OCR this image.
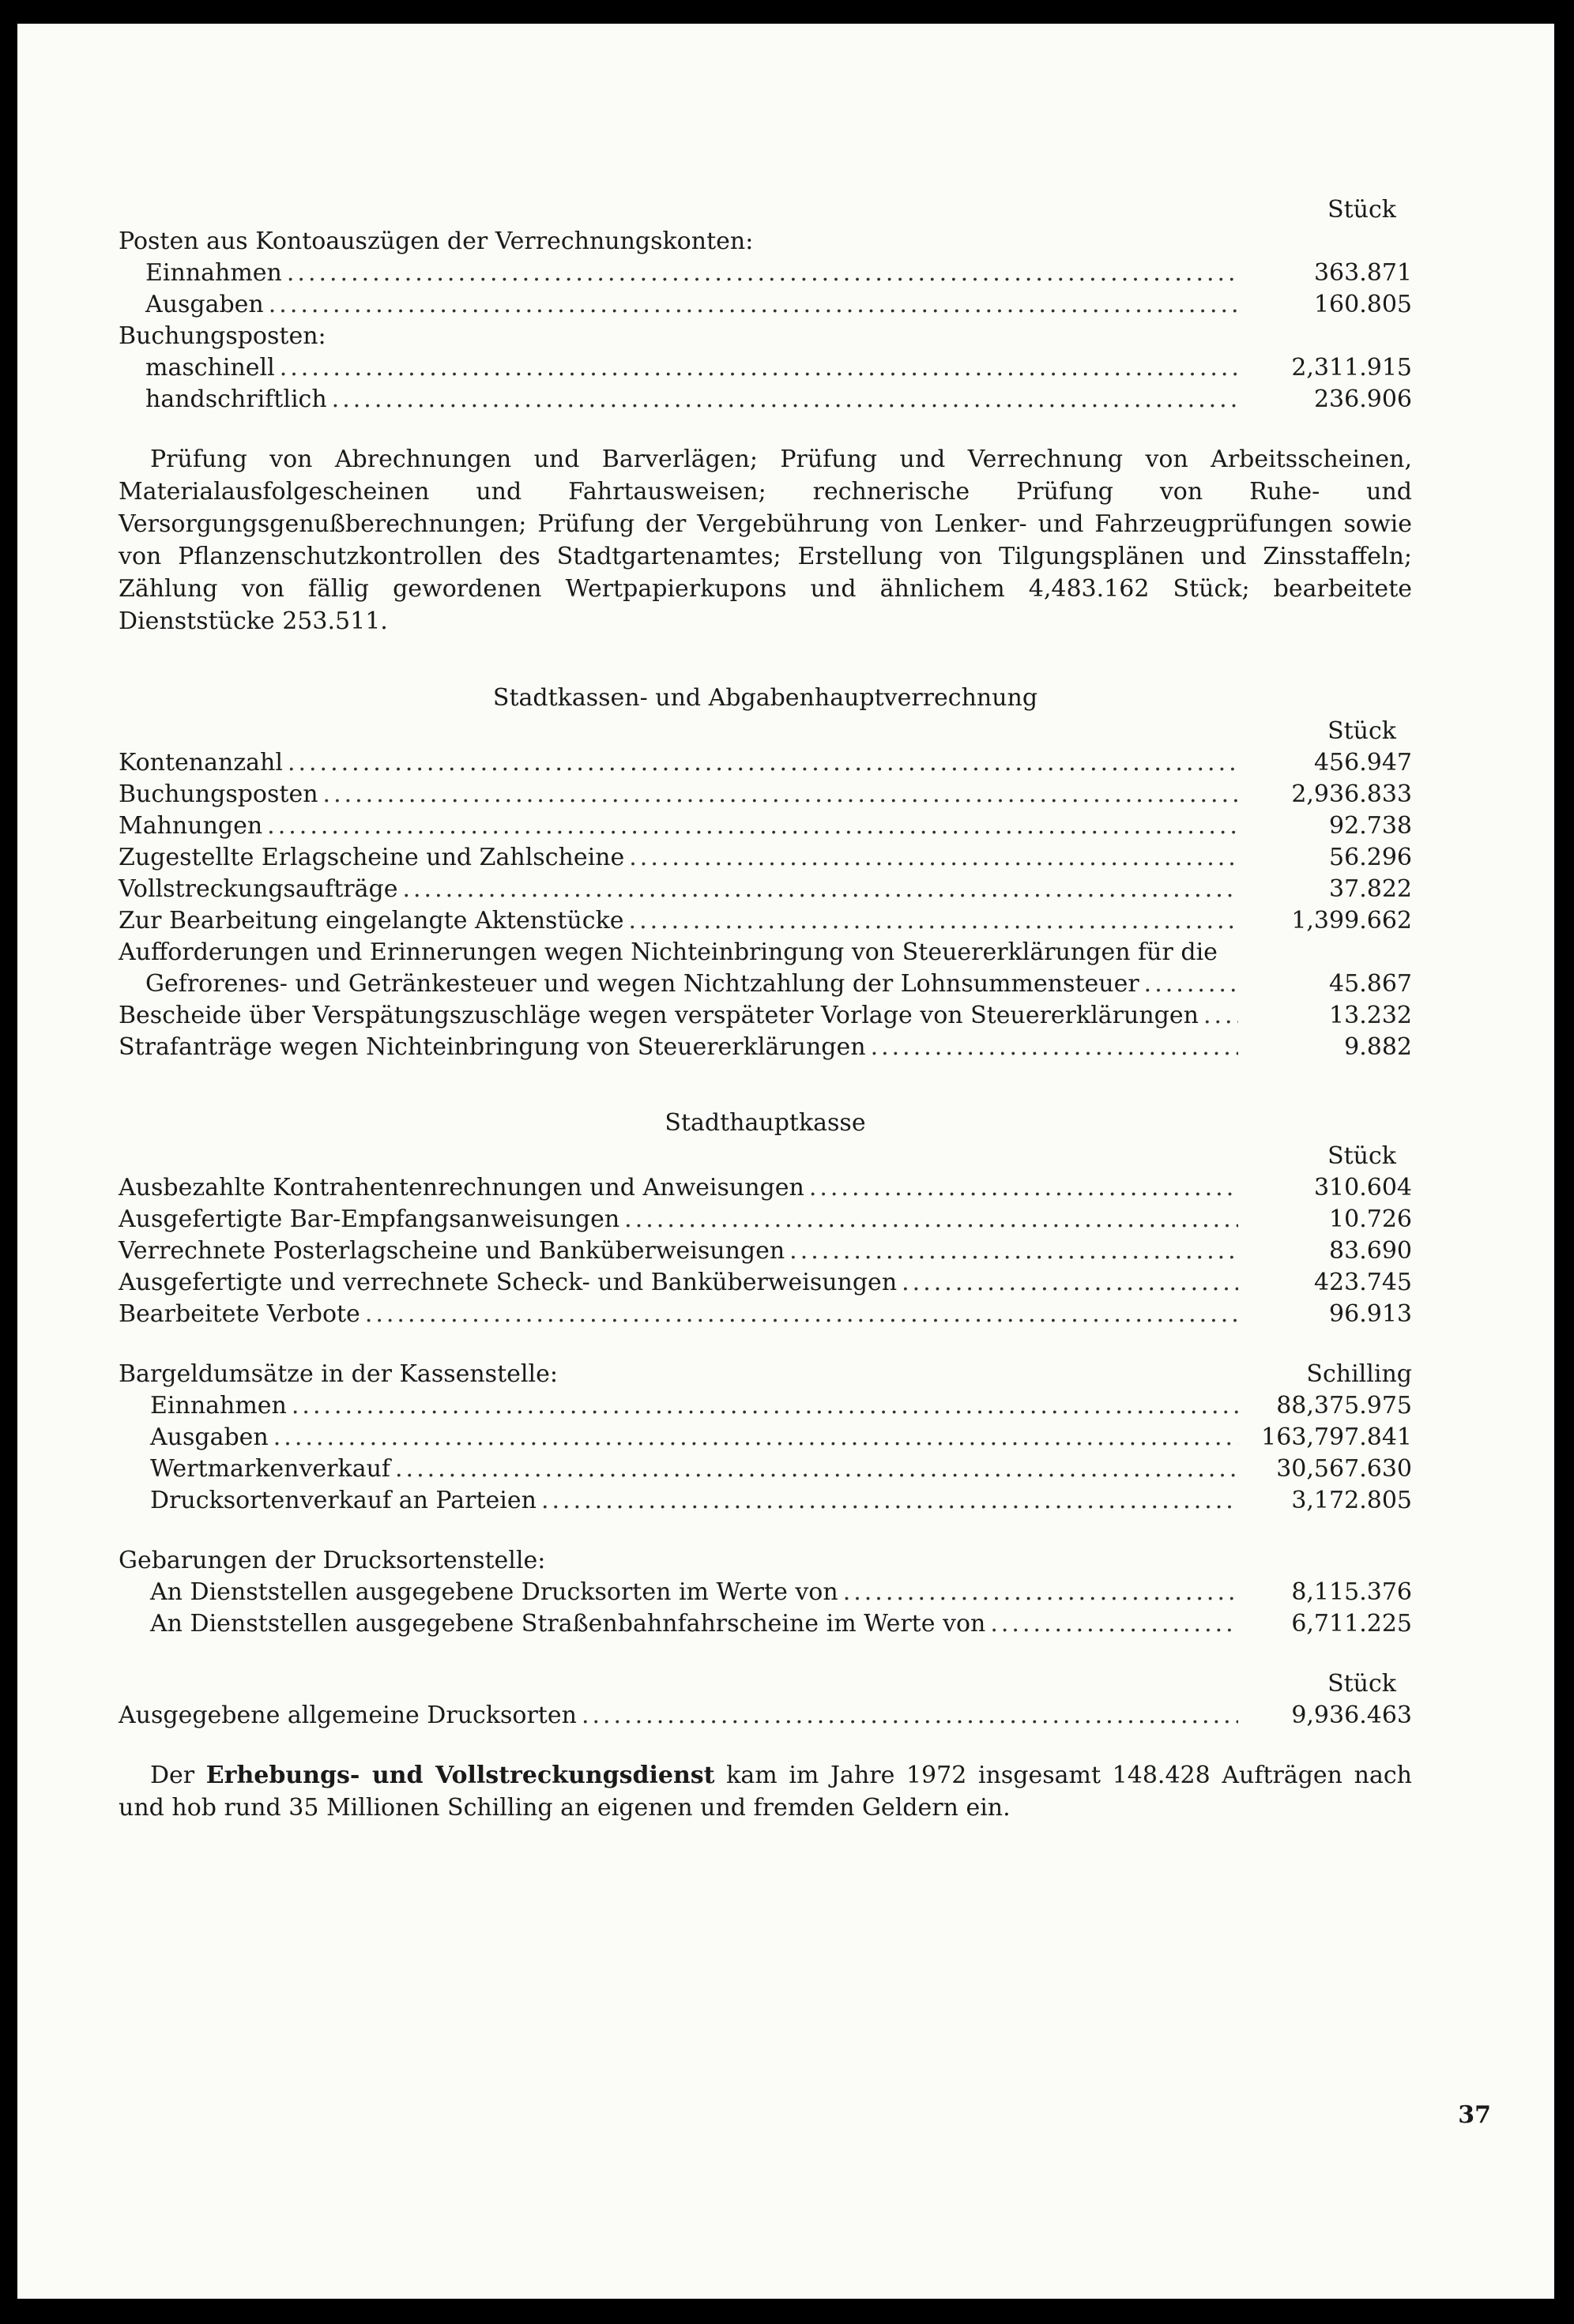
Stück
Posten aus Kontoauszügen der Verrechnungskonten:
Einnahmen .....	363.871
Ausgaben .....	160.805
Buchungsposten:
maschinell .....	2,311.915
handschriftlich .....	236.906
Prüfung von Abrechnungen und Barverlägen; Prüfung und Verrechnung von Arbeitsscheinen, Materialausfolgescheinen und Fahrtausweisen; rechnerische Prüfung von Ruhe- und Versorgungsgenußberechnungen; Prüfung der Vergebührung von Lenker- und Fahrzeugprüfungen sowie von Pflanzenschutzkontrollen des Stadtgartenamtes; Erstellung von Tilgungsplänen und Zinsstaffeln; Zählung von fällig gewordenen Wertpapierkupons und ähnlichem 4,483.162 Stück; bearbeitete Dienststücke 253.511.
Stadtkassen- und Abgabenhauptverrechnung
Stück
Kontenanzahl .....	456.947
Buchungsposten .....	2,936.833
Mahnungen .....	92.738
Zugestellte Erlagscheine und Zahlscheine .....	56.296
Vollstreckungsaufträge .....	37.822
Zur Bearbeitung eingelangte Aktenstücke .....	1,399.662
Aufforderungen und Erinnerungen wegen Nichteinbringung von Steuererklärungen für die
Gefrorenes- und Getränkesteuer und wegen Nichtzahlung der Lohnsummensteuer .....	45.867
Bescheide über Verspätungszuschläge wegen verspäteter Vorlage von Steuererklärungen .....	13.232
Strafanträge wegen Nichteinbringung von Steuererklärungen .....	9.882
Stadthauptkasse
Stück
Ausbezahlte Kontrahentenrechnungen und Anweisungen .....	310.604
Ausgefertigte Bar-Empfangsanweisungen .....	10.726
Verrechnete Posterlagscheine und Banküberweisungen .....	83.690
Ausgefertigte und verrechnete Scheck- und Banküberweisungen .....	423.745
Bearbeitete Verbote .....	96.913
Bargeldumsätze in der Kassenstelle:	Schilling
Einnahmen .....	88,375.975
Ausgaben .....	163,797.841
Wertmarkenverkauf .....	30,567.630
Drucksortenverkauf an Parteien .....	3,172.805
Gebarungen der Drucksortenstelle:
An Dienststellen ausgegebene Drucksorten im Werte von .....	8,115.376
An Dienststellen ausgegebene Straßenbahnfahrscheine im Werte von .....	6,711.225
Stück
Ausgegebene allgemeine Drucksorten .....	9,936.463
Der Erhebungs- und Vollstreckungsdienst kam im Jahre 1972 insgesamt 148.428 Aufträgen nach und hob rund 35 Millionen Schilling an eigenen und fremden Geldern ein.
37
